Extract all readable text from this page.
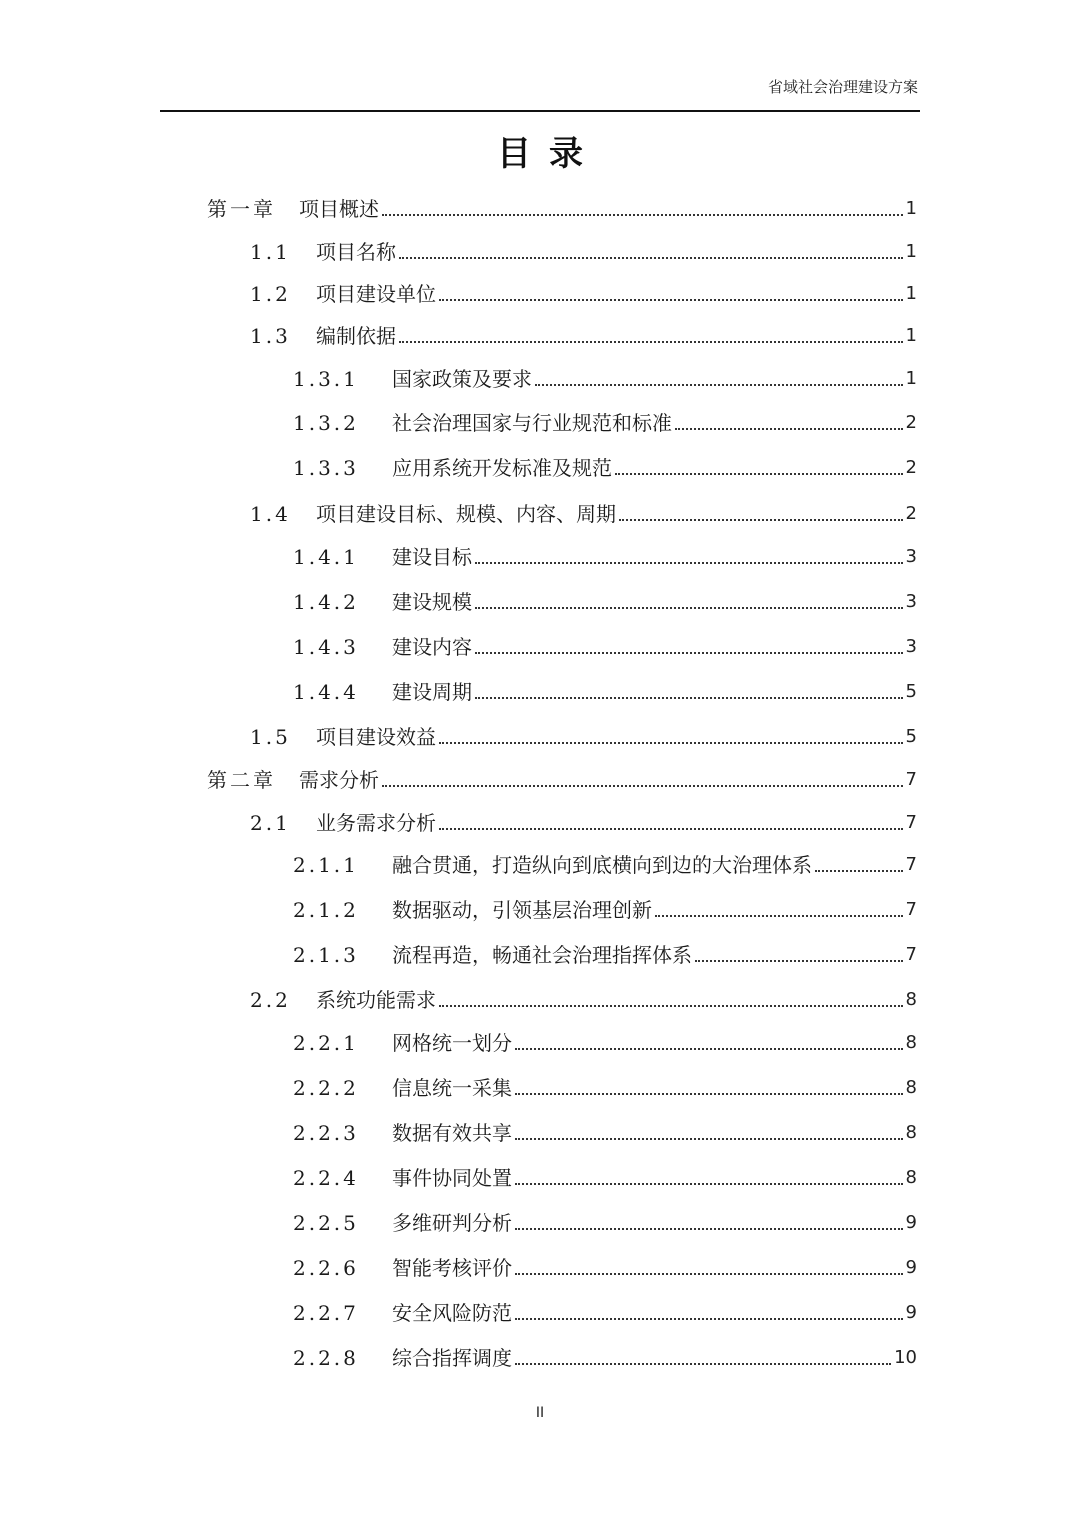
省域社会治理建设方案
目录
第一章	项目概述	1
1.1	项目名称	1
1.2	项目建设单位	1
1.3	编制依据	1
1.3.1	国家政策及要求	1
1.3.2	社会治理国家与行业规范和标准	2
1.3.3	应用系统开发标准及规范	2
1.4	项目建设目标、规模、内容、周期	2
1.4.1	建设目标	3
1.4.2	建设规模	3
1.4.3	建设内容	3
1.4.4	建设周期	5
1.5	项目建设效益	5
第二章	需求分析	7
2.1	业务需求分析	7
2.1.1	融合贯通，打造纵向到底横向到边的大治理体系	7
2.1.2	数据驱动，引领基层治理创新	7
2.1.3	流程再造，畅通社会治理指挥体系	7
2.2	系统功能需求	8
2.2.1	网格统一划分	8
2.2.2	信息统一采集	8
2.2.3	数据有效共享	8
2.2.4	事件协同处置	8
2.2.5	多维研判分析	9
2.2.6	智能考核评价	9
2.2.7	安全风险防范	9
2.2.8	综合指挥调度	10
II
